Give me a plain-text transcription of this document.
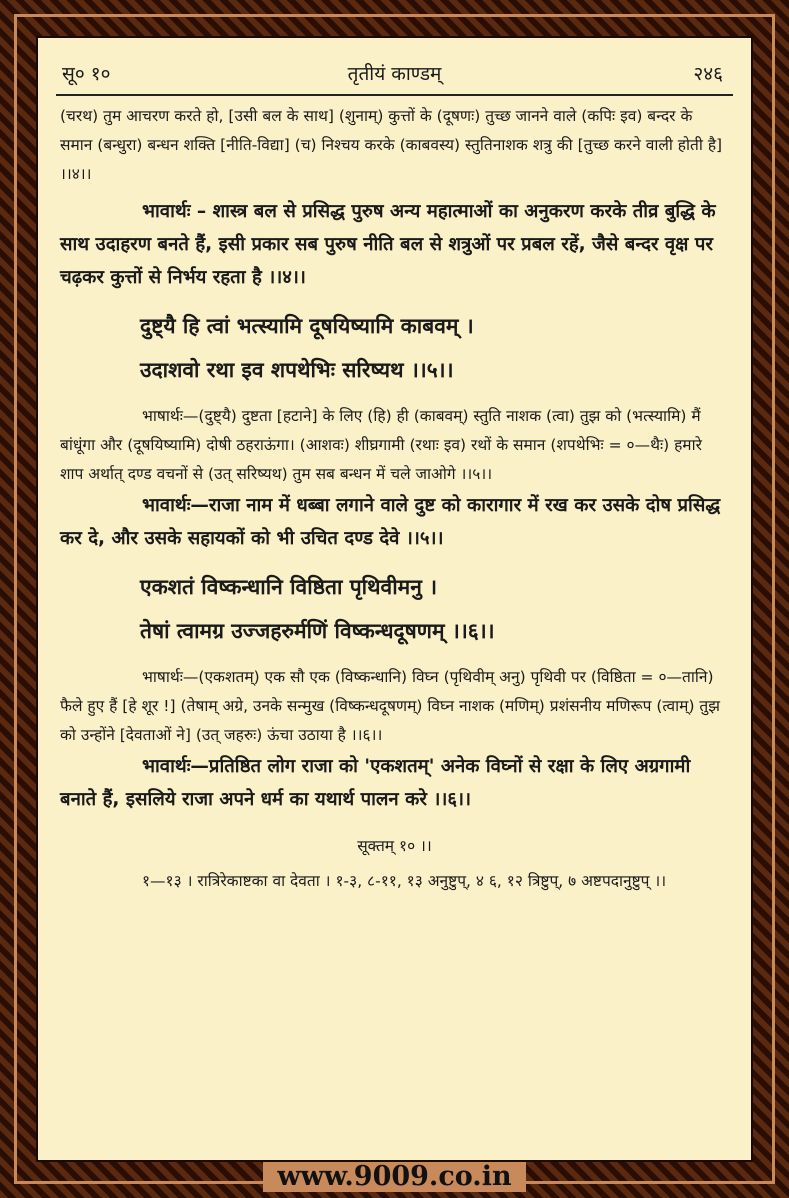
सू० १०	तृतीयं काण्डम्	२४६

(चरथ) तुम आचरण करते हो, [उसी बल के साथ] (शुनाम्) कुत्तों के (दूषणः) तुच्छ जानने वाले (कपिः इव) बन्दर के समान (बन्धुरा) बन्धन शक्ति [नीति-विद्या] (च) निश्चय करके (काबवस्य) स्तुतिनाशक शत्रु की [तुच्छ करने वाली होती है] ।।४।।

भावार्थः – शास्त्र बल से प्रसिद्ध पुरुष अन्य महात्माओं का अनुकरण करके तीव्र बुद्धि के साथ उदाहरण बनते हैं, इसी प्रकार सब पुरुष नीति बल से शत्रुओं पर प्रबल रहें, जैसे बन्दर वृक्ष पर चढ़कर कुत्तों से निर्भय रहता है ।।४।।

दुष्ट्यै हि त्वां भत्स्यामि दूषयिष्यामि काबवम् ।

उदाशवो रथा इव शपथेभिः सरिष्यथ ।।५।।

भाषार्थः—(दुष्ट्यै) दुष्टता [हटाने] के लिए (हि) ही (काबवम्) स्तुति नाशक (त्वा) तुझ को (भत्स्यामि) मैं बांधूंगा और (दूषयिष्यामि) दोषी ठहराऊंगा। (आशवः) शीघ्रगामी (रथाः इव) रथों के समान (शपथेभिः = ०—थैः) हमारे शाप अर्थात् दण्ड वचनों से (उत् सरिष्यथ) तुम सब बन्धन में चले जाओगे ।।५।।

भावार्थः—राजा नाम में धब्बा लगाने वाले दुष्ट को कारागार में रख कर उसके दोष प्रसिद्ध कर दे, और उसके सहायकों को भी उचित दण्ड देवे ।।५।।

एकशतं विष्कन्धानि विष्ठिता पृथिवीमनु ।

तेषां त्वामग्र उज्जहरुर्मणिं विष्कन्धदूषणम् ।।६।।

भाषार्थः—(एकशतम्) एक सौ एक (विष्कन्धानि) विघ्न (पृथिवीम् अनु) पृथिवी पर (विष्ठिता = ०—तानि) फैले हुए हैं [हे शूर !] (तेषाम् अग्रे, उनके सन्मुख (विष्कन्धदूषणम्) विघ्न नाशक (मणिम्) प्रशंसनीय मणिरूप (त्वाम्) तुझ को उन्होंने [देवताओं ने] (उत् जहरुः) ऊंचा उठाया है ।।६।।

भावार्थः—प्रतिष्ठित लोग राजा को 'एकशतम्' अनेक विघ्नों से रक्षा के लिए अग्रगामी बनाते हैं, इसलिये राजा अपने धर्म का यथार्थ पालन करे ।।६।।

सूक्तम् १० ।।

१—१३ । रात्रिरेकाष्टका वा देवता । १-३, ८-११, १३ अनुष्टुप्, ४ ६, १२ त्रिष्टुप्, ७ अष्टपदानुष्टुप् ।।

www.9009.co.in
